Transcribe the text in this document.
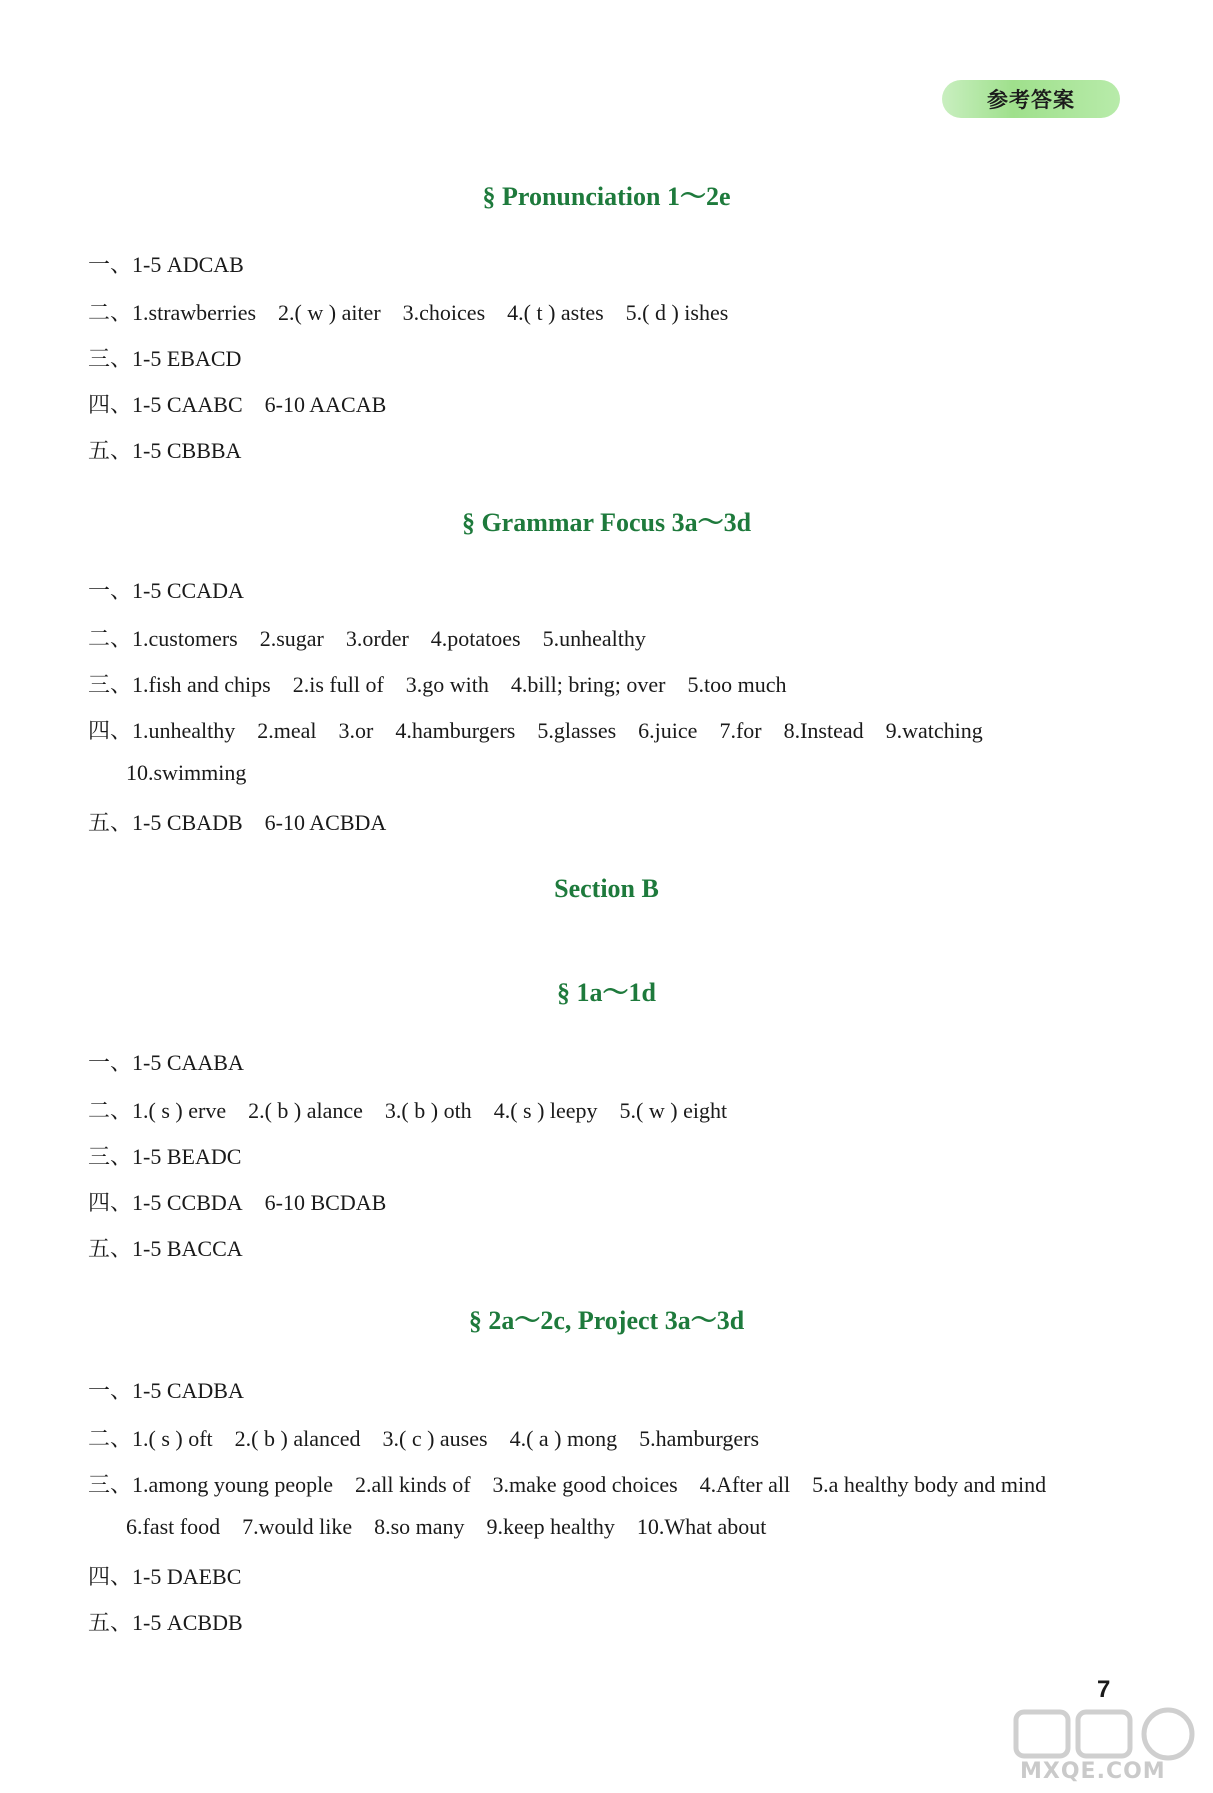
参考答案
§ Pronunciation 1～2e
一、1-5 ADCAB
二、1.strawberries 2.( w ) aiter 3.choices 4.( t ) astes 5.( d ) ishes
三、1-5 EBACD
四、1-5 CAABC 6-10 AACAB
五、1-5 CBBBA
§ Grammar Focus 3a～3d
一、1-5 CCADA
二、1.customers 2.sugar 3.order 4.potatoes 5.unhealthy
三、1.fish and chips 2.is full of 3.go with 4.bill; bring; over 5.too much
四、1.unhealthy 2.meal 3.or 4.hamburgers 5.glasses 6.juice 7.for 8.Instead 9.watching
10.swimming
五、1-5 CBADB 6-10 ACBDA
Section B
§ 1a～1d
一、1-5 CAABA
二、1.( s ) erve 2.( b ) alance 3.( b ) oth 4.( s ) leepy 5.( w ) eight
三、1-5 BEADC
四、1-5 CCBDA 6-10 BCDAB
五、1-5 BACCA
§ 2a～2c, Project 3a～3d
一、1-5 CADBA
二、1.( s ) oft 2.( b ) alanced 3.( c ) auses 4.( a ) mong 5.hamburgers
三、1.among young people 2.all kinds of 3.make good choices 4.After all 5.a healthy body and mind
6.fast food 7.would like 8.so many 9.keep healthy 10.What about
四、1-5 DAEBC
五、1-5 ACBDB
7
MXQE.COM
